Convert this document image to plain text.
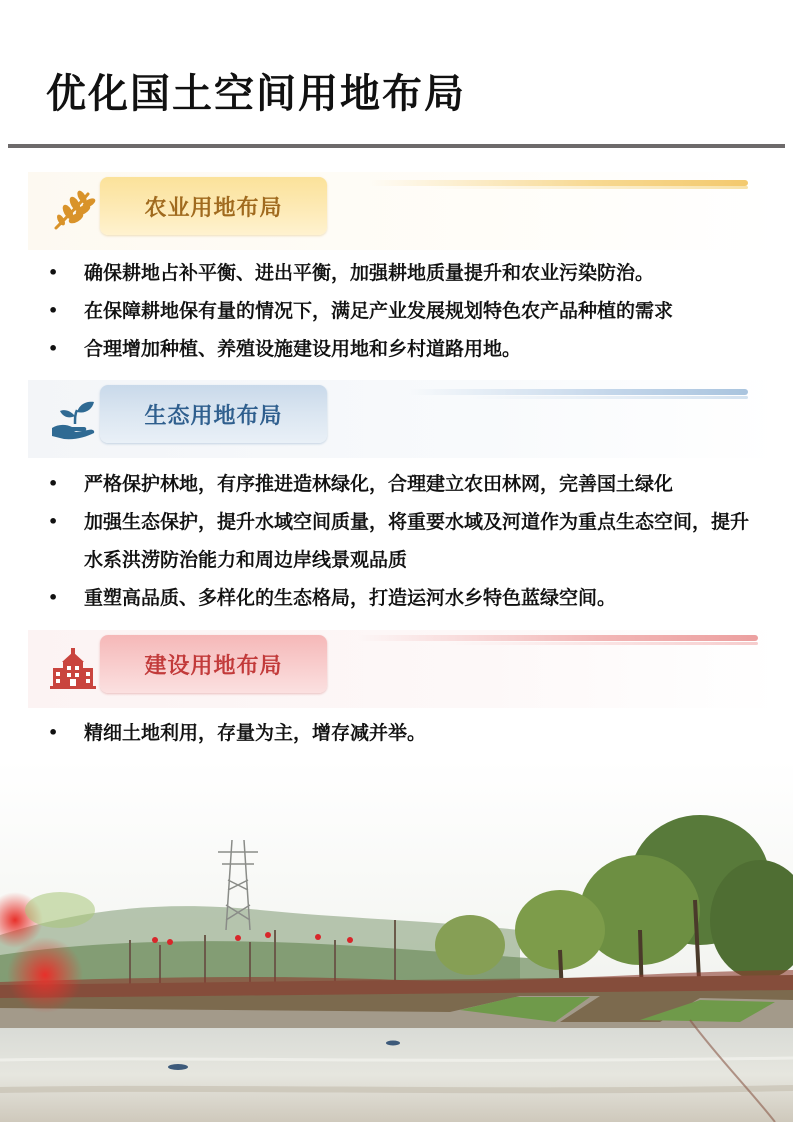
优化国土空间用地布局
农业用地布局
• 确保耕地占补平衡、进出平衡，加强耕地质量提升和农业污染防治。
• 在保障耕地保有量的情况下，满足产业发展规划特色农产品种植的需求
• 合理增加种植、养殖设施建设用地和乡村道路用地。
生态用地布局
• 严格保护林地，有序推进造林绿化，合理建立农田林网，完善国土绿化
• 加强生态保护，提升水域空间质量，将重要水域及河道作为重点生态空间，提升水系洪涝防治能力和周边岸线景观品质
• 重塑高品质、多样化的生态格局，打造运河水乡特色蓝绿空间。
建设用地布局
• 精细土地利用，存量为主，增存减并举。
